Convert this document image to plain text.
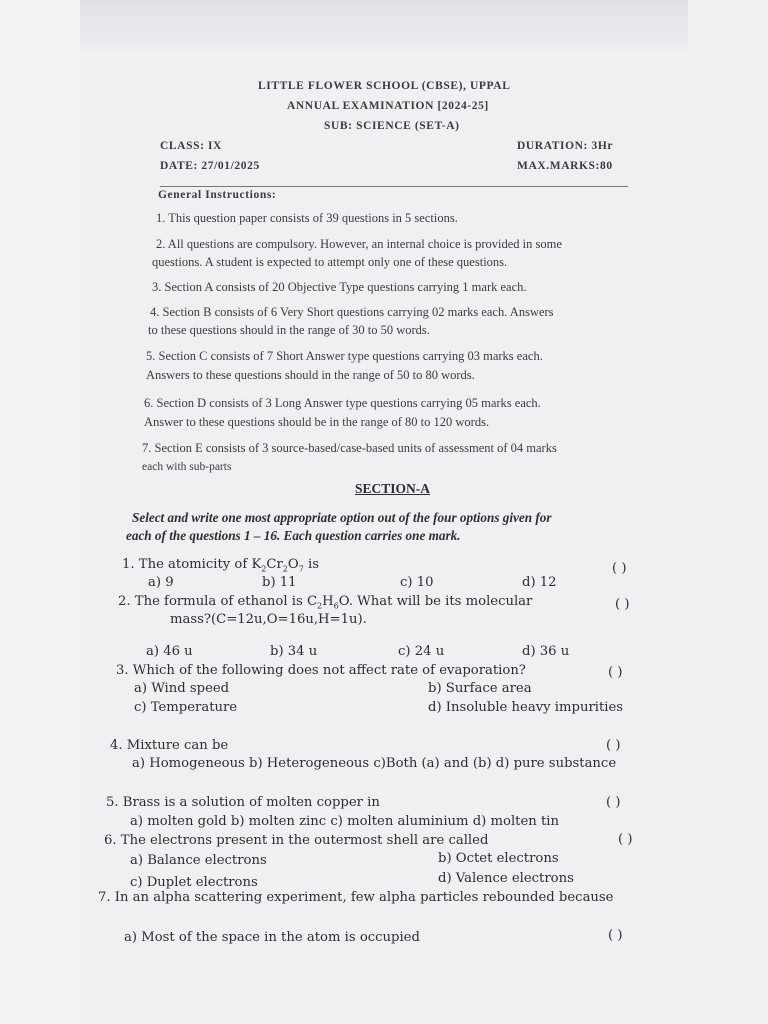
LITTLE FLOWER SCHOOL (CBSE), UPPAL
ANNUAL EXAMINATION [2024-25]
SUB: SCIENCE (SET-A)
CLASS: IX	DURATION: 3Hr
DATE: 27/01/2025	MAX.MARKS:80
General Instructions:
1. This question paper consists of 39 questions in 5 sections.
2. All questions are compulsory. However, an internal choice is provided in some
questions. A student is expected to attempt only one of these questions.
3. Section A consists of 20 Objective Type questions carrying 1 mark each.
4. Section B consists of 6 Very Short questions carrying 02 marks each. Answers
to these questions should in the range of 30 to 50 words.
5. Section C consists of 7 Short Answer type questions carrying 03 marks each.
Answers to these questions should in the range of 50 to 80 words.
6. Section D consists of 3 Long Answer type questions carrying 05 marks each.
Answer to these questions should be in the range of 80 to 120 words.
7. Section E consists of 3 source-based/case-based units of assessment of 04 marks
each with sub-parts
SECTION-A
Select and write one most appropriate option out of the four options given for
each of the questions 1 – 16. Each question carries one mark.
1. The atomicity of $K_2Cr_2O_7$ is	( )
a) 9	b) 11	c) 10	d) 12
2. The formula of ethanol is $C_2H_6O$. What will be its molecular	( )
mass?(C=12u,O=16u,H=1u).
a) 46 u	b) 34 u	c) 24 u	d) 36 u
3. Which of the following does not affect rate of evaporation?	( )
a) Wind speed	b) Surface area
c) Temperature	d) Insoluble heavy impurities
4. Mixture can be	( )
a) Homogeneous b) Heterogeneous c)Both (a) and (b) d) pure substance
5. Brass is a solution of molten copper in	( )
a) molten gold b) molten zinc c) molten aluminium d) molten tin
6. The electrons present in the outermost shell are called	( )
a) Balance electrons	b) Octet electrons
c) Duplet electrons	d) Valence electrons
7. In an alpha scattering experiment, few alpha particles rebounded because
a) Most of the space in the atom is occupied	( )
